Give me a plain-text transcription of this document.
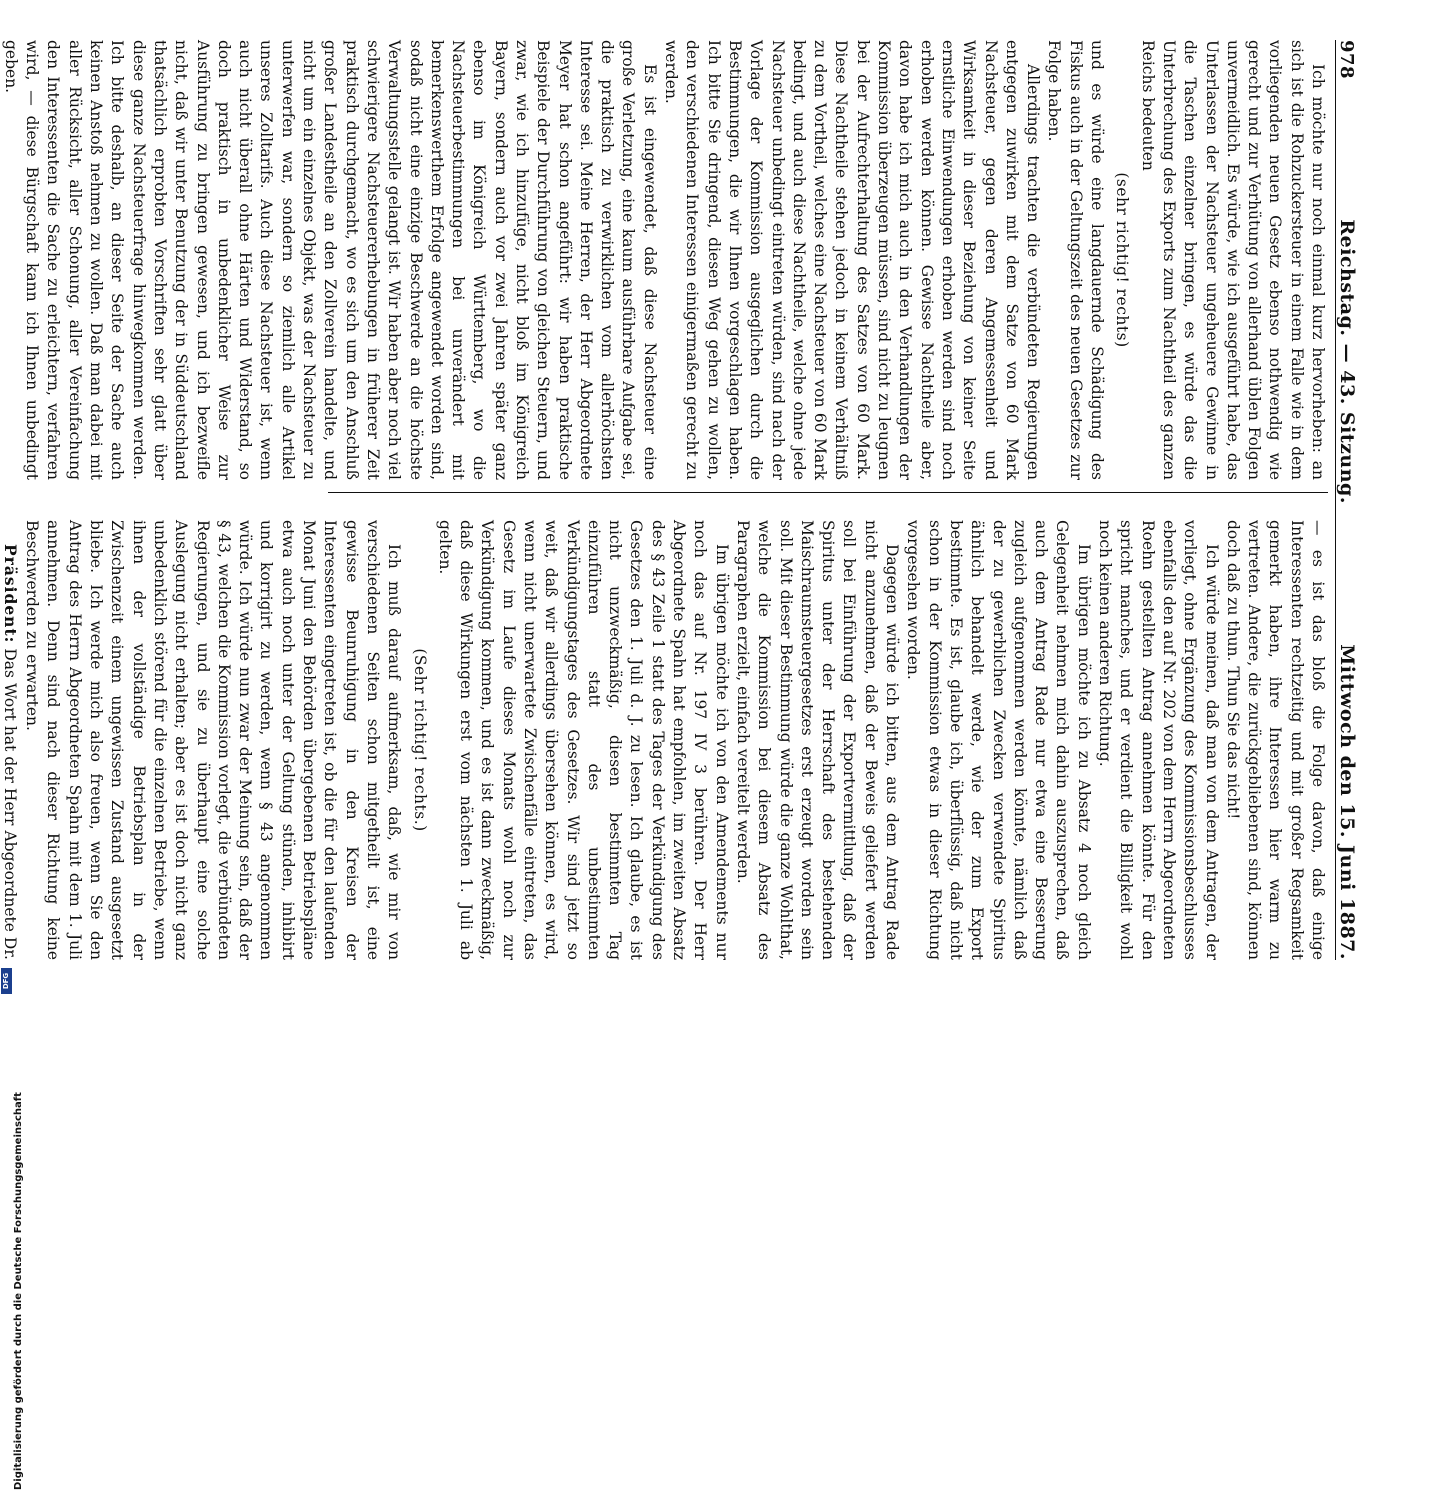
978
Reichstag. — 43. Sitzung.
Mittwoch den 15. Juni 1887.

Ich möchte nur noch einmal kurz hervorheben: an sich ist die Rohzuckersteuer in einem Falle wie in dem vorliegenden neuen Gesetz ebenso nothwendig wie gerecht und zur Verhütung von allerhand üblen Folgen unvermeidlich. Es würde, wie ich ausgeführt habe, das Unterlassen der Nachsteuer ungeheuere Gewinne in die Taschen einzelner bringen, es würde das die Unterbrechung des Exports zum Nachtheil des ganzen Reichs bedeuten

(sehr richtig! rechts)

und es würde eine langdauernde Schädigung des Fiskus auch in der Geltungszeit des neuen Gesetzes zur Folge haben.

Allerdings trachten die verbündeten Regierungen entgegen zuwirken mit dem Satze von 60 Mark Nachsteuer, gegen deren Angemessenheit und Wirksamkeit in dieser Beziehung von keiner Seite ernstliche Einwendungen erhoben werden sind noch erhoben werden können. Gewisse Nachtheile aber, davon habe ich mich auch in den Verhandlungen der Kommission überzeugen müssen, sind nicht zu leugnen bei der Aufrechterhaltung des Satzes von 60 Mark. Diese Nachtheile stehen jedoch in keinem Verhältniß zu dem Vortheil, welches eine Nachsteuer von 60 Mark bedingt, und auch diese Nachtheile, welche ohne jede Nachsteuer unbedingt eintreten würden, sind nach der Vorlage der Kommission ausgeglichen durch die Bestimmungen, die wir Ihnen vorgeschlagen haben. Ich bitte Sie dringend, diesen Weg gehen zu wollen, den verschiedenen Interessen einigermaßen gerecht zu werden.

Es ist eingewendet, daß diese Nachsteuer eine große Verletzung, eine kaum ausführbare Aufgabe sei, die praktisch zu verwirklichen vom allerhöchsten Interesse sei. Meine Herren, der Herr Abgeordnete Meyer hat schon angeführt: wir haben praktische Beispiele der Durchführung von gleichen Steuern, und zwar, wie ich hinzufüge, nicht bloß im Königreich Bayern, sondern auch vor zwei Jahren später ganz ebenso im Königreich Württemberg, wo die Nachsteuerbestimmungen bei unverändert mit bemerkenswerthem Erfolge angewendet worden sind, sodaß nicht eine einzige Beschwerde an die höchste Verwaltungsstelle gelangt ist. Wir haben aber noch viel schwierigere Nachsteuererhebungen in früherer Zeit praktisch durchgemacht, wo es sich um den Anschluß großer Landestheile an den Zollverein handelte, und nicht um ein einzelnes Objekt, was der Nachsteuer zu unterwerfen war, sondern so ziemlich alle Artikel unseres Zolltarifs. Auch diese Nachsteuer ist, wenn auch nicht überall ohne Härten und Widerstand, so doch praktisch in unbedenklicher Weise zur Ausführung zu bringen gewesen, und ich bezweifle nicht, daß wir unter Benutzung der in Süddeutschland thatsächlich erprobten Vorschriften sehr glatt über diese ganze Nachsteuerfrage hinwegkommen werden. Ich bitte deshalb, an dieser Seite der Sache auch keinen Anstoß nehmen zu wollen. Daß man dabei mit aller Rücksicht, aller Schonung, aller Vereinfachung den Interessenten die Sache zu erleichtern, verfahren wird, — diese Bürgschaft kann ich Ihnen unbedingt geben.

— es ist das bloß die Folge davon, daß einige Interessenten rechtzeitig und mit großer Regsamkeit gemerkt haben, ihre Interessen hier warm zu vertreten. Andere, die zurückgebliebenen sind, können doch daß zu thun. Thun Sie das nicht!

Ich würde meinen, daß man von dem Antragen, der vorliegt, ohne Ergänzung des Kommissionsbeschlusses ebenfalls den auf Nr. 202 von dem Herrn Abgeordneten Roehn gestellten Antrag annehmen könnte. Für den spricht manches, und er verdient die Billigkeit wohl noch keinen anderen Richtung.

Im übrigen möchte ich zu Absatz 4 noch gleich Gelegenheit nehmen mich dahin auszusprechen, daß auch dem Antrag Rade nur etwa eine Besserung zugleich aufgenommen werden könnte, nämlich daß der zu gewerblichen Zwecken verwendete Spiritus ähnlich behandelt werde, wie der zum Export bestimmte. Es ist, glaube ich, überflüssig, daß nicht schon in der Kommission etwas in dieser Richtung vorgesehen worden.

Dagegen würde ich bitten, aus dem Antrag Rade nicht anzunehmen, daß der Beweis geliefert werden soll bei Einführung der Exportvermittlung, daß der Spiritus unter der Herrschaft des bestehenden Maischraumsteuergesetzes erst erzeugt worden sein soll. Mit dieser Bestimmung würde die ganze Wohlthat, welche die Kommission bei diesem Absatz des Paragraphen erzielt, einfach vereitelt werden.

Im übrigen möchte ich von den Amendements nur noch das auf Nr. 197 IV 3 berühren. Der Herr Abgeordnete Spahn hat empfohlen, im zweiten Absatz des § 43 Zeile 1 statt des Tages der Verkündigung des Gesetzes den 1. Juli d. J. zu lesen. Ich glaube, es ist nicht unzweckmäßig, diesen bestimmten Tag einzuführen statt des unbestimmten Verkündigungstages des Gesetzes. Wir sind jetzt so weit, daß wir allerdings übersehen können, es wird, wenn nicht unerwartete Zwischenfälle eintreten, das Gesetz im Laufe dieses Monats wohl noch zur Verkündigung kommen, und es ist dann zweckmäßig, daß diese Wirkungen erst vom nächsten 1. Juli ab gelten.

(Sehr richtig! rechts.)

Ich muß darauf aufmerksam, daß, wie mir von verschiedenen Seiten schon mitgetheilt ist, eine gewisse Beunruhigung in den Kreisen der Interessenten eingetreten ist, ob die für den laufenden Monat Juni den Behörden übergebenen Betriebspläne etwa auch noch unter der Geltung stünden, inhibirt und korrigirt zu werden, wenn § 43 angenommen würde. Ich würde nun zwar der Meinung sein, daß der § 43, welchen die Kommission vorlegt, die verbündeten Regierungen, und sie zu überhaupt eine solche Auslegung nicht erhalten; aber es ist doch nicht ganz unbedenklich störend für die einzelnen Betriebe, wenn ihnen der vollständige Betriebsplan in der Zwischenzeit einem ungewissen Zustand ausgesetzt bliebe. Ich werde mich also freuen, wenn Sie den Antrag des Herrn Abgeordneten Spahn mit dem 1. Juli annehmen. Denn sind nach dieser Richtung keine Beschwerden zu erwarten.

Präsident: Das Wort hat der Herr Abgeordnete Dr.

Digitalisierung gefördert durch die Deutsche Forschungsgemeinschaft
DFG
